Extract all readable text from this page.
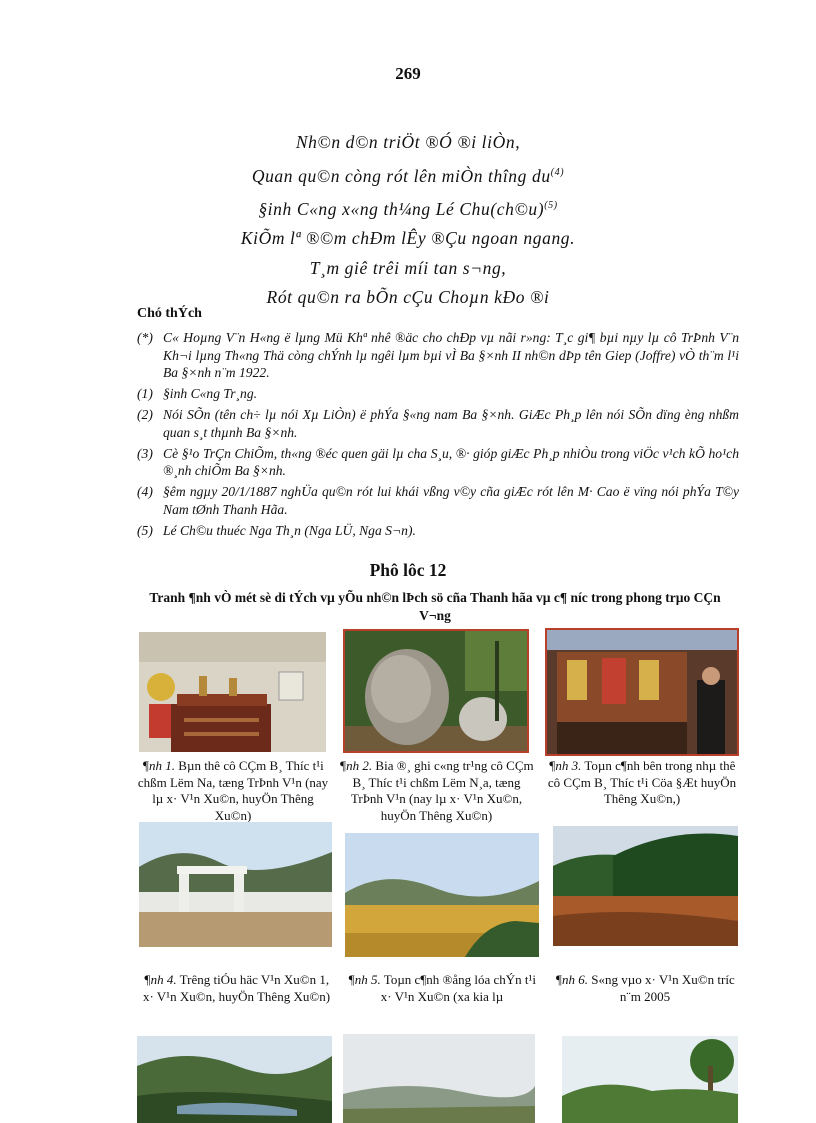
269
Nh©n d©n triÖt ®Ó ®i liÒn,
Quan qu©n còng rót lên miÒn thîng $du^{(4)}$
§inh C«ng x«ng th¼ng Lé Chu(ch©u)$^{(5)}$
KiÕm lª ®©m chÐm lÊy ®Çu ngoan ngang.
T¸m giê trêi míi tan s¬ng,
Rót qu©n ra bÕn cÇu Choµn kÐo ®i
Chó thÝch
(*) C« Hoµng V¨n H«ng ë lµng Mü Khª nhê ®äc cho chÐp vµ nãi r»ng: T¸c gi¶ bµi nµy lµ cô TrÞnh V¨n Kh¬i lµng Th«ng Thä còng chÝnh lµ ngêi lµm bµi vÌ Ba §×nh II nh©n dÞp tên Giep (Joffre) vÒ th¨m l¹i Ba §×nh n¨m 1922.
(1) §inh C«ng Tr¸ng.
(2) Nói SÕn (tên ch÷ lµ nói Xµ LiÒn) ë phÝa §«ng nam Ba §×nh. GiÆc Ph¸p lên nói SÕn dïng èng nhßm quan s¸t thµnh Ba §×nh.
(3) Cè §¹o TrÇn ChiÕm, th«ng ®éc quen gäi lµ cha S¸u, ®· gióp giÆc Ph¸p nhiÒu trong viÖc v¹ch kÕ ho¹ch ®¸nh chiÕm Ba §×nh.
(4) §êm ngµy 20/1/1887 nghÜa qu©n rót lui khái vßng v©y cña giÆc rót lên M· Cao ë vïng nói phÝa T©y Nam tØnh Thanh Hãa.
(5) Lé Ch©u thuéc Nga Th¸n (Nga LÜ, Nga S¬n).
Phô lôc 12
Tranh ¶nh vÒ mét sè di tÝch vµ yÕu nh©n lÞch sö cña Thanh hãa vµ c¶ níc trong phong trµo CÇn V¬ng
¶nh 1. Bµn thê cô CÇm B¸ Thíc t¹i chßm Lëm Na, tæng TrÞnh V¹n (nay lµ x· V¹n Xu©n, huyÖn Thêng Xu©n)
¶nh 2. Bia ®¸ ghi c«ng tr¹ng cô CÇm B¸ Thíc t¹i chßm Lëm N¸a, tæng TrÞnh V¹n (nay lµ x· V¹n Xu©n, huyÖn Thêng Xu©n)
¶nh 3. Toµn c¶nh bên trong nhµ thê cô CÇm B¸ Thíc t¹i Cöa §Æt huyÖn Thêng Xu©n,)
¶nh 4. Trêng tiÓu häc V¹n Xu©n 1, x· V¹n Xu©n, huyÖn Thêng Xu©n)
¶nh 5. Toµn c¶nh ®ång lóa chÝn t¹i x· V¹n Xu©n (xa kia lµ
¶nh 6. S«ng vµo x· V¹n Xu©n tríc n¨m 2005
